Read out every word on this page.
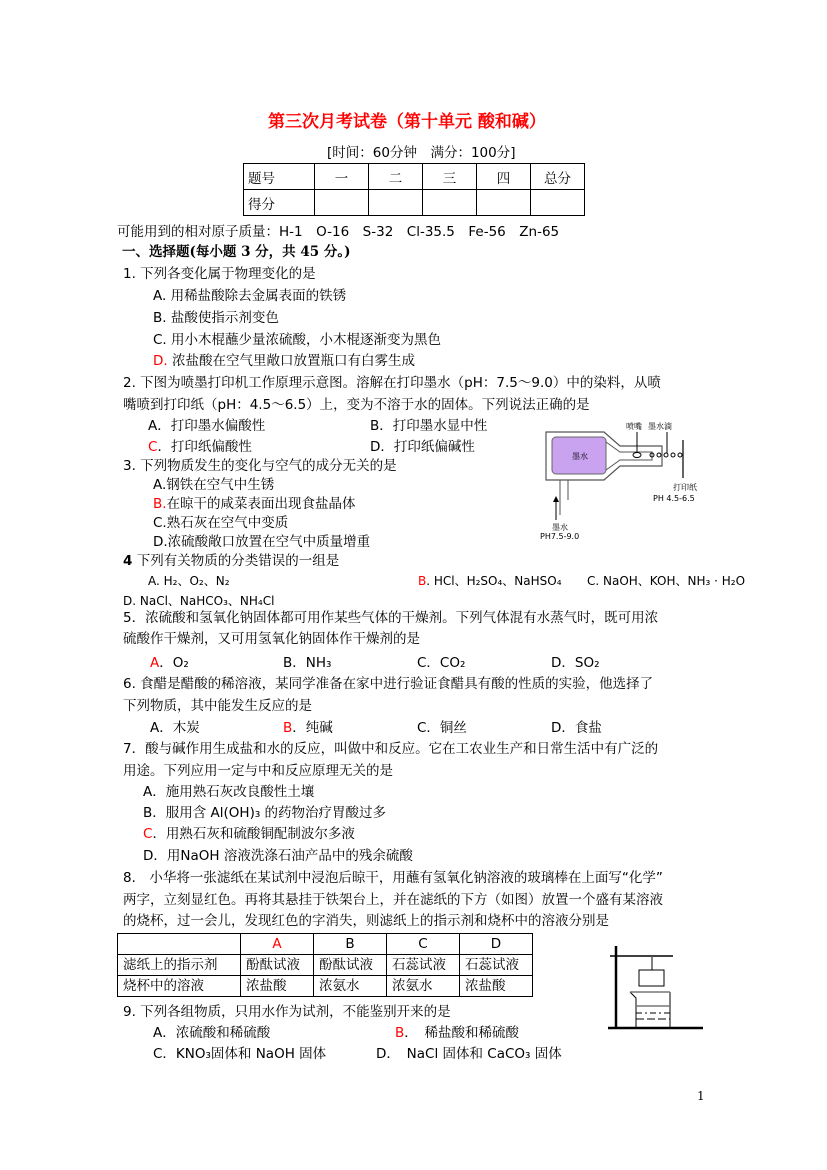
第三次月考试卷（第十单元 酸和碱）
[时间：60分钟　满分：100分]
题号	一	二	三	四	总分
得分					
可能用到的相对原子质量：H-1　O-16　S-32　Cl-35.5　Fe-56　Zn-65
一、选择题(每小题 3 分，共 45 分。)
1. 下列各变化属于物理变化的是
A. 用稀盐酸除去金属表面的铁锈
B. 盐酸使指示剂变色
C. 用小木棍蘸少量浓硫酸，小木棍逐渐变为黑色
D. 浓盐酸在空气里敞口放置瓶口有白雾生成
2. 下图为喷墨打印机工作原理示意图。溶解在打印墨水（pH：7.5～9.0）中的染料，从喷
嘴喷到打印纸（pH：4.5～6.5）上，变为不溶于水的固体。下列说法正确的是
A．打印墨水偏酸性	B．打印墨水显中性
C．打印纸偏酸性	D．打印纸偏碱性
喷嘴 墨水滴
墨水
打印纸
PH 4.5-6.5
墨水
PH7.5-9.0
3. 下列物质发生的变化与空气的成分无关的是
A.钢铁在空气中生锈
B.在晾干的咸菜表面出现食盐晶体
C.熟石灰在空气中变质
D.浓硫酸敞口放置在空气中质量增重
4 下列有关物质的分类错误的一组是
A. H₂、O₂、N₂	B. HCl、H₂SO₄、NaHSO₄ C. NaOH、KOH、NH₃ · H₂O
D. NaCl、NaHCO₃、NH₄Cl
5．浓硫酸和氢氧化钠固体都可用作某些气体的干燥剂。下列气体混有水蒸气时，既可用浓
硫酸作干燥剂，又可用氢氧化钠固体作干燥剂的是
A．O₂	B．NH₃	C．CO₂	D．SO₂
6. 食醋是醋酸的稀溶液，某同学准备在家中进行验证食醋具有酸的性质的实验，他选择了
下列物质，其中能发生反应的是
A．木炭	B．纯碱	C．铜丝	D．食盐
7．酸与碱作用生成盐和水的反应，叫做中和反应。它在工农业生产和日常生活中有广泛的
用途。下列应用一定与中和反应原理无关的是
A．施用熟石灰改良酸性土壤
B．服用含 Al(OH)₃ 的药物治疗胃酸过多
C．用熟石灰和硫酸铜配制波尔多液
D．用NaOH 溶液洗涤石油产品中的残余硫酸
8． 小华将一张滤纸在某试剂中浸泡后晾干，用蘸有氢氧化钠溶液的玻璃棒在上面写“化学”
两字，立刻显红色。再将其悬挂于铁架台上，并在滤纸的下方（如图）放置一个盛有某溶液
的烧杯，过一会儿，发现红色的字消失，则滤纸上的指示剂和烧杯中的溶液分别是
	A	B	C	D
滤纸上的指示剂	酚酞试液	酚酞试液	石蕊试液	石蕊试液
烧杯中的溶液	浓盐酸	浓氨水	浓氨水	浓盐酸
9. 下列各组物质，只用水作为试剂，不能鉴别开来的是
A．浓硫酸和稀硫酸	B．　稀盐酸和稀硫酸
C．KNO₃固体和 NaOH 固体	D．　NaCl 固体和 CaCO₃ 固体
1
